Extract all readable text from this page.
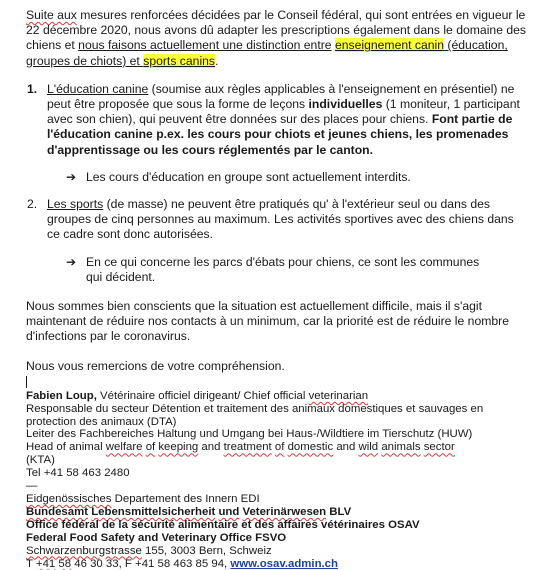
Suite aux mesures renforcées décidées par le Conseil fédéral, qui sont entrées en vigueur le 22 décembre 2020, nous avons dû adapter les prescriptions également dans le domaine des chiens et nous faisons actuellement une distinction entre enseignement canin (éducation, groupes de chiots) et sports canins.

1. L'éducation canine (soumise aux règles applicables à l'enseignement en présentiel) ne peut être proposée que sous la forme de leçons individuelles (1 moniteur, 1 participant avec son chien), qui peuvent être données sur des places pour chiens. Font partie de l'éducation canine p.ex. les cours pour chiots et jeunes chiens, les promenades d'apprentissage ou les cours réglementés par le canton.

➔ Les cours d'éducation en groupe sont actuellement interdits.
2. Les sports (de masse) ne peuvent être pratiqués qu' à l'extérieur seul ou dans des groupes de cinq personnes au maximum. Les activités sportives avec des chiens dans ce cadre sont donc autorisées.

➔ En ce qui concerne les parcs d'ébats pour chiens, ce sont les communes qui décident.

Nous sommes bien conscients que la situation est actuellement difficile, mais il s'agit maintenant de réduire nos contacts à un minimum, car la priorité est de réduire le nombre d'infections par le coronavirus.

Nous vous remercions de votre compréhension.

Fabien Loup, Vétérinaire officiel dirigeant/ Chief official veterinarian
Responsable du secteur Détention et traitement des animaux domestiques et sauvages en protection des animaux (DTA)
Leiter des Fachbereiches Haltung und Umgang bei Haus-/Wildtiere im Tierschutz (HUW)
Head of animal welfare of keeping and treatment of domestic and wild animals sector
(KTA)
Tel +41 58 463 2480
—
Eidgenössisches Departement des Innern EDI
Bundesamt Lebensmittelsicherheit und Veterinärwesen BLV
Office fédéral de la sécurité alimentaire et des affaires vétérinaires OSAV
Federal Food Safety and Veterinary Office FSVO
Schwarzenburgstrasse 155, 3003 Bern, Schweiz
T +41 58 46 30 33, F +41 58 463 85 94, www.osav.admin.ch
